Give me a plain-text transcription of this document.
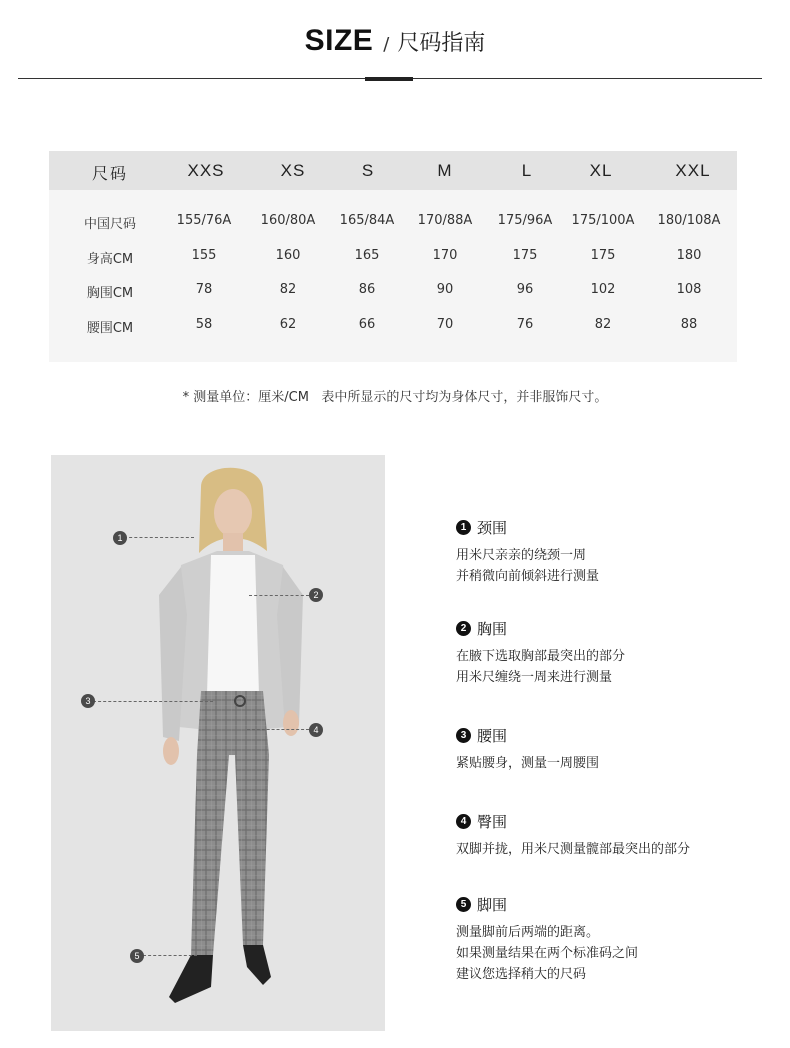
SIZE / 尺码指南
尺码	XXS	XS	S	M	L	XL	XXL
中国尺码	155/76A 160/80A 165/84A 170/88A 175/96A 175/100A 180/108A
身高CM	155	160	165	170	175	175	180
胸围CM	78	82	86	90	96	102	108
腰围CM	58	62	66	70	76	82	88
* 测量单位：厘米/CM   表中所显示的尺寸均为身体尺寸，并非服饰尺寸。
1
2
3
4
5
1 颈围
用米尺亲亲的绕颈一周
并稍微向前倾斜进行测量
2 胸围
在腋下选取胸部最突出的部分
用米尺缠绕一周来进行测量
3 腰围
紧贴腰身，测量一周腰围
4 臀围
双脚并拢，用米尺测量髋部最突出的部分
5 脚围
测量脚前后两端的距离。
如果测量结果在两个标准码之间
建议您选择稍大的尺码
